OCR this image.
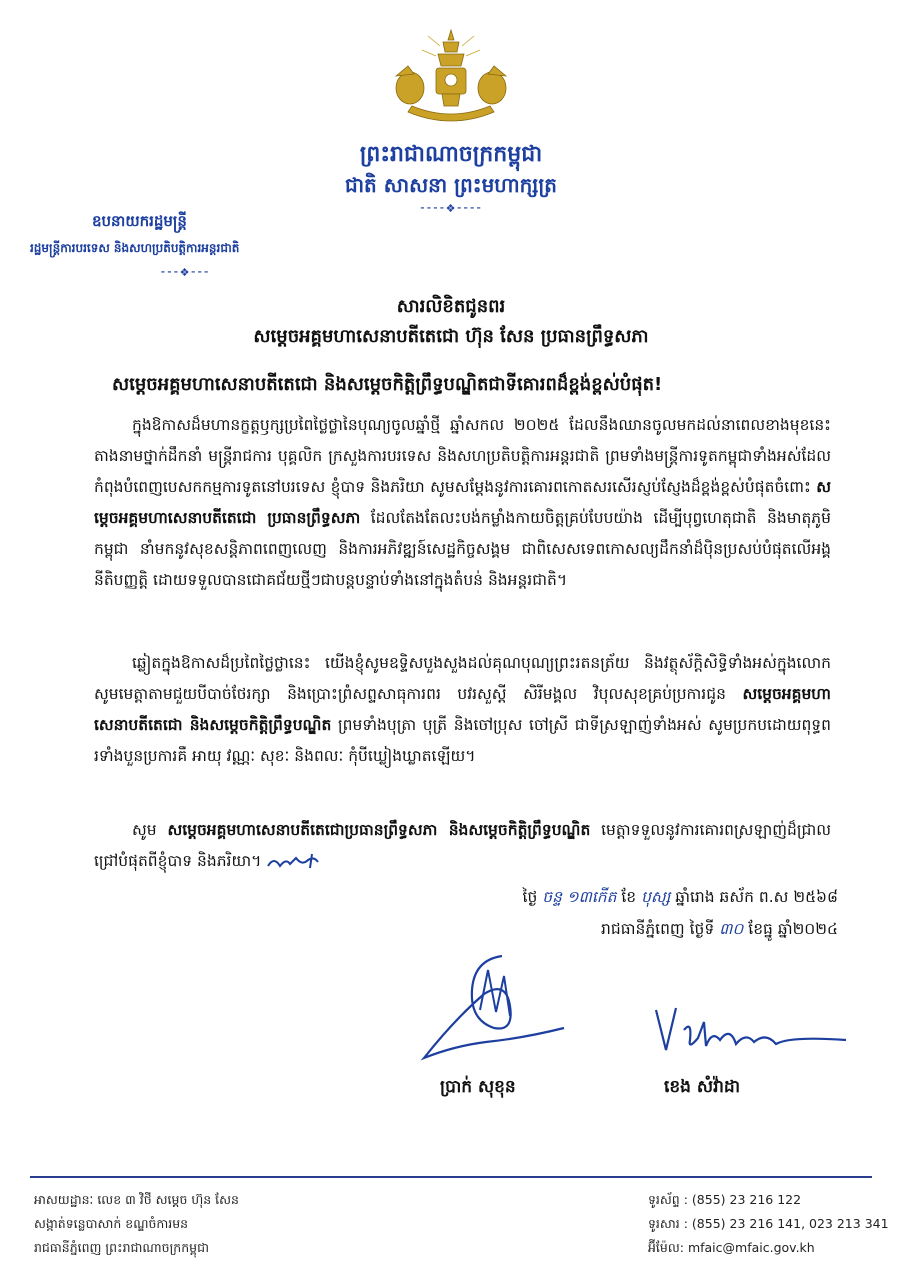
ព្រះរាជាណាចក្រកម្ពុជា
ជាតិ សាសនា ព្រះមហាក្សត្រ
⁃⁃⁃⁃❖⁃⁃⁃⁃
ឧបនាយករដ្ឋមន្ត្រី
រដ្ឋមន្ត្រីការបរទេស និងសហប្រតិបត្តិការអន្តរជាតិ
⁃⁃⁃❖⁃⁃⁃
សារលិខិតជូនពរ
សម្តេចអគ្គមហាសេនាបតីតេជោ ហ៊ុន សែន ប្រធានព្រឹទ្ធសភា
សម្តេចអគ្គមហាសេនាបតីតេជោ និងសម្តេចកិត្តិព្រឹទ្ធបណ្ឌិតជាទីគោរពដ៏ខ្ពង់ខ្ពស់បំផុត!
ក្នុងឱកាសដ៏មហានក្ខត្តឫក្សប្រពៃថ្លៃថ្លានៃបុណ្យចូលឆ្នាំថ្មី ឆ្នាំសកល ២០២៥ ដែលនឹងឈានចូលមកដល់នាពេលខាងមុខនេះ តាងនាមថ្នាក់ដឹកនាំ មន្ត្រីរាជការ បុគ្គលិក ក្រសួងការបរទេស និងសហប្រតិបត្តិការអន្តរជាតិ ព្រមទាំងមន្ត្រីការទូតកម្ពុជាទាំងអស់ដែលកំពុងបំពេញបេសកកម្មការទូតនៅបរទេស ខ្ញុំបាទ និងភរិយា សូមសម្តែងនូវការគោរពកោតសរសើរស្ញប់ស្ញែងដ៏ខ្ពង់ខ្ពស់បំផុតចំពោះ សម្តេចអគ្គមហាសេនាបតីតេជោ ប្រធានព្រឹទ្ធសភា ដែលតែងតែលះបង់កម្លាំងកាយចិត្តគ្រប់បែបយ៉ាង ដើម្បីបុព្វហេតុជាតិ និងមាតុភូមិកម្ពុជា នាំមកនូវសុខសន្តិភាពពេញលេញ និងការអភិវឌ្ឍន៍សេដ្ឋកិច្ចសង្គម ជាពិសេសទេពកោសល្យដឹកនាំដ៏ប៉ិនប្រសប់បំផុតលើអង្គនីតិបញ្ញត្តិ ដោយទទួលបានជោគជ័យថ្មីៗជាបន្តបន្ទាប់ទាំងនៅក្នុងតំបន់ និងអន្តរជាតិ។
ឆ្លៀតក្នុងឱកាសដ៏ប្រពៃថ្លៃថ្លានេះ យើងខ្ញុំសូមឧទ្ទិសបួងសួងដល់គុណបុណ្យព្រះរតនត្រ័យ និងវត្ថុស័ក្តិសិទ្ធិទាំងអស់ក្នុងលោក សូមមេត្តាតាមជួយបីបាច់ថែរក្សា និងប្រោះព្រំសព្ទសាធុការពរ បវរសួស្តី សិរីមង្គល វិបុលសុខគ្រប់ប្រការជូន សម្តេចអគ្គមហាសេនាបតីតេជោ និងសម្តេចកិត្តិព្រឹទ្ធបណ្ឌិត ព្រមទាំងបុត្រា បុត្រី និងចៅប្រុស ចៅស្រី ជាទីស្រឡាញ់ទាំងអស់ សូមប្រកបដោយពុទ្ធពរទាំងបួនប្រការគឺ អាយុ វណ្ណៈ សុខៈ និងពលៈ កុំបីឃ្លៀងឃ្លាតឡើយ។
សូម សម្តេចអគ្គមហាសេនាបតីតេជោប្រធានព្រឹទ្ធសភា និងសម្តេចកិត្តិព្រឹទ្ធបណ្ឌិត មេត្តាទទួលនូវការគោរពស្រឡាញ់ដ៏ជ្រាលជ្រៅបំផុតពីខ្ញុំបាទ និងភរិយា។
ថ្ងៃ ចន្ទ ១៣កើត ខែ បុស្ស ឆ្នាំរោង ឆស័ក ព.ស ២៥៦៨
រាជធានីភ្នំពេញ ថ្ងៃទី ៣០ ខែធ្នូ ឆ្នាំ២០២៤
ប្រាក់ សុខុន	ខេង សំវ៉ាដា
អាសយដ្ឋានៈ លេខ ៣ វិថី សម្តេច ហ៊ុន សែន
សង្កាត់ទន្លេបាសាក់ ខណ្ឌចំការមន
រាជធានីភ្នំពេញ ព្រះរាជាណាចក្រកម្ពុជា
ទូរស័ព្ទ : (855) 23 216 122
ទូរសារ : (855) 23 216 141, 023 213 341
អ៊ីម៉ែល: mfaic@mfaic.gov.kh
